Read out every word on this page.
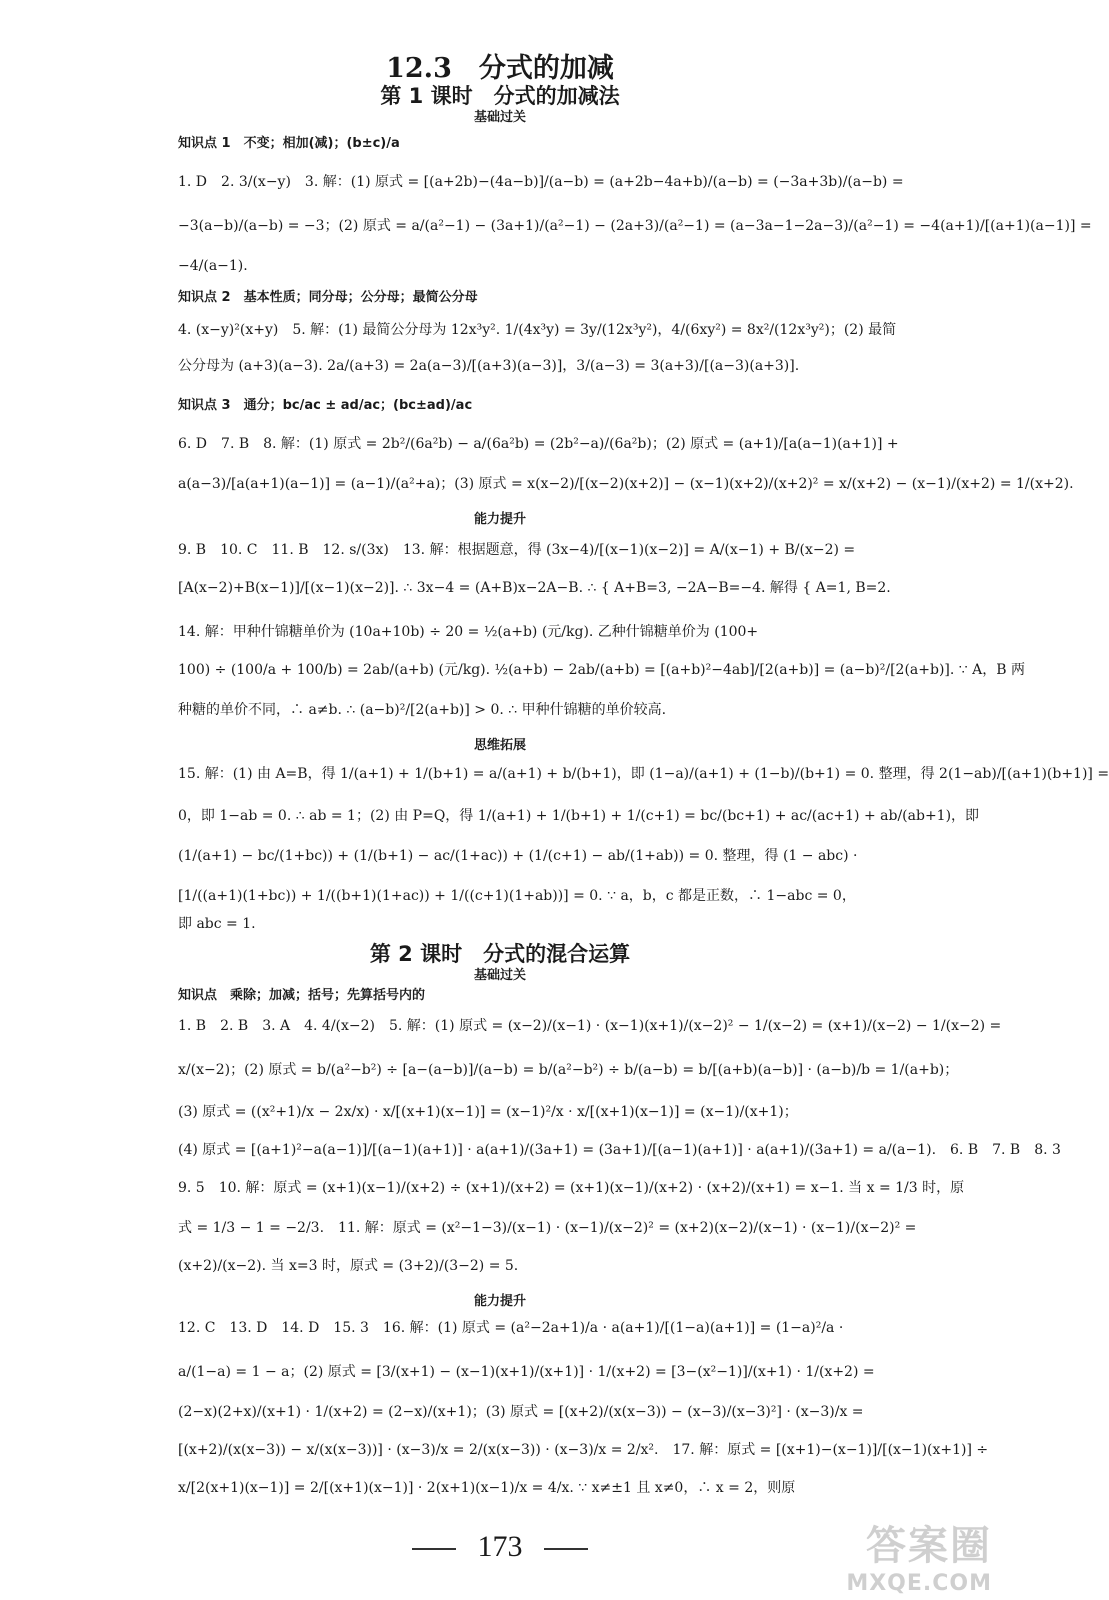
12.3　分式的加减
第 1 课时　分式的加减法
基础过关
知识点 1　不变；相加(减)；(b±c)/a
1. D　2. 3/(x−y)　3. 解：(1) 原式 = [(a+2b)−(4a−b)]/(a−b) = (a+2b−4a+b)/(a−b) = (−3a+3b)/(a−b) =
−3(a−b)/(a−b) = −3；(2) 原式 = a/(a²−1) − (3a+1)/(a²−1) − (2a+3)/(a²−1) = (a−3a−1−2a−3)/(a²−1) = −4(a+1)/[(a+1)(a−1)] =
−4/(a−1).
知识点 2　基本性质；同分母；公分母；最简公分母
4. (x−y)²(x+y)　5. 解：(1) 最简公分母为 12x³y². 1/(4x³y) = 3y/(12x³y²)，4/(6xy²) = 8x²/(12x³y²)；(2) 最简
公分母为 (a+3)(a−3). 2a/(a+3) = 2a(a−3)/[(a+3)(a−3)]，3/(a−3) = 3(a+3)/[(a−3)(a+3)].
知识点 3　通分；bc/ac ± ad/ac；(bc±ad)/ac
6. D　7. B　8. 解：(1) 原式 = 2b²/(6a²b) − a/(6a²b) = (2b²−a)/(6a²b)；(2) 原式 = (a+1)/[a(a−1)(a+1)] +
a(a−3)/[a(a+1)(a−1)] = (a−1)/(a²+a)；(3) 原式 = x(x−2)/[(x−2)(x+2)] − (x−1)(x+2)/(x+2)² = x/(x+2) − (x−1)/(x+2) = 1/(x+2).
能力提升
9. B　10. C　11. B　12. s/(3x)　13. 解：根据题意，得 (3x−4)/[(x−1)(x−2)] = A/(x−1) + B/(x−2) =
[A(x−2)+B(x−1)]/[(x−1)(x−2)]. ∴ 3x−4 = (A+B)x−2A−B. ∴ { A+B=3, −2A−B=−4. 解得 { A=1, B=2.
14. 解：甲种什锦糖单价为 (10a+10b) ÷ 20 = ½(a+b) (元/kg). 乙种什锦糖单价为 (100+
100) ÷ (100/a + 100/b) = 2ab/(a+b) (元/kg). ½(a+b) − 2ab/(a+b) = [(a+b)²−4ab]/[2(a+b)] = (a−b)²/[2(a+b)]. ∵ A，B 两
种糖的单价不同，∴ a≠b. ∴ (a−b)²/[2(a+b)] > 0. ∴ 甲种什锦糖的单价较高.
思维拓展
15. 解：(1) 由 A=B，得 1/(a+1) + 1/(b+1) = a/(a+1) + b/(b+1)，即 (1−a)/(a+1) + (1−b)/(b+1) = 0. 整理，得 2(1−ab)/[(a+1)(b+1)] =
0，即 1−ab = 0. ∴ ab = 1；(2) 由 P=Q，得 1/(a+1) + 1/(b+1) + 1/(c+1) = bc/(bc+1) + ac/(ac+1) + ab/(ab+1)，即
(1/(a+1) − bc/(1+bc)) + (1/(b+1) − ac/(1+ac)) + (1/(c+1) − ab/(1+ab)) = 0. 整理，得 (1 − abc) ·
[1/((a+1)(1+bc)) + 1/((b+1)(1+ac)) + 1/((c+1)(1+ab))] = 0. ∵ a，b，c 都是正数，∴ 1−abc = 0，
即 abc = 1.
第 2 课时　分式的混合运算
基础过关
知识点　乘除；加减；括号；先算括号内的
1. B　2. B　3. A　4. 4/(x−2)　5. 解：(1) 原式 = (x−2)/(x−1) · (x−1)(x+1)/(x−2)² − 1/(x−2) = (x+1)/(x−2) − 1/(x−2) =
x/(x−2)；(2) 原式 = b/(a²−b²) ÷ [a−(a−b)]/(a−b) = b/(a²−b²) ÷ b/(a−b) = b/[(a+b)(a−b)] · (a−b)/b = 1/(a+b)；
(3) 原式 = ((x²+1)/x − 2x/x) · x/[(x+1)(x−1)] = (x−1)²/x · x/[(x+1)(x−1)] = (x−1)/(x+1)；
(4) 原式 = [(a+1)²−a(a−1)]/[(a−1)(a+1)] · a(a+1)/(3a+1) = (3a+1)/[(a−1)(a+1)] · a(a+1)/(3a+1) = a/(a−1).　6. B　7. B　8. 3
9. 5　10. 解：原式 = (x+1)(x−1)/(x+2) ÷ (x+1)/(x+2) = (x+1)(x−1)/(x+2) · (x+2)/(x+1) = x−1. 当 x = 1/3 时，原
式 = 1/3 − 1 = −2/3.　11. 解：原式 = (x²−1−3)/(x−1) · (x−1)/(x−2)² = (x+2)(x−2)/(x−1) · (x−1)/(x−2)² =
(x+2)/(x−2). 当 x=3 时，原式 = (3+2)/(3−2) = 5.
能力提升
12. C　13. D　14. D　15. 3　16. 解：(1) 原式 = (a²−2a+1)/a · a(a+1)/[(1−a)(a+1)] = (1−a)²/a ·
a/(1−a) = 1 − a；(2) 原式 = [3/(x+1) − (x−1)(x+1)/(x+1)] · 1/(x+2) = [3−(x²−1)]/(x+1) · 1/(x+2) =
(2−x)(2+x)/(x+1) · 1/(x+2) = (2−x)/(x+1)；(3) 原式 = [(x+2)/(x(x−3)) − (x−3)/(x−3)²] · (x−3)/x =
[(x+2)/(x(x−3)) − x/(x(x−3))] · (x−3)/x = 2/(x(x−3)) · (x−3)/x = 2/x².　17. 解：原式 = [(x+1)−(x−1)]/[(x−1)(x+1)] ÷
x/[2(x+1)(x−1)] = 2/[(x+1)(x−1)] · 2(x+1)(x−1)/x = 4/x. ∵ x≠±1 且 x≠0，∴ x = 2，则原
173	答案圈
MXQE.COM
